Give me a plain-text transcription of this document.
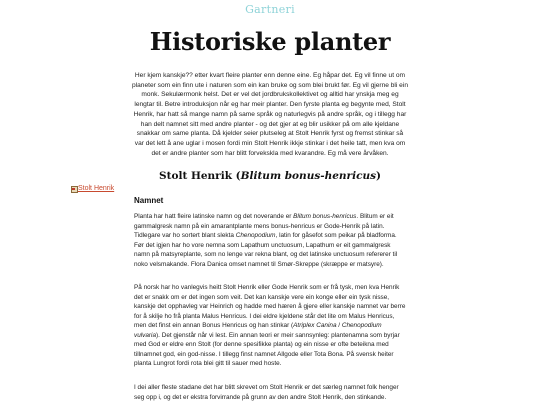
Gartneri
Historiske planter

Her kjem kanskje?? etter kvart fleire planter enn denne eine. Eg håpar det. Eg vil finne ut om planeter som ein finn ute i naturen som ein kan bruke og som blei brukt før. Eg vil gjerne bli ein monk. Sekulærmonk helst. Det er vel det jordbrukskollektivet og alltid har ynskja meg eg lengtar til. Betre introduksjon når eg har meir planter. Den fyrste planta eg begynte med, Stolt Henrik, har hatt så mange namn på same språk og naturlegvis på andre språk, og i tillegg har han delt namnet sitt med andre planter - og det gjer at eg blir usikker på om alle kjeldane snakkar om same planta. Då kjelder seier plutseleg at Stolt Henrik fyrst og fremst stinkar så var det lett å ane uglar i mosen fordi min Stolt Henrik ikkje stinkar i det heile tatt, men kva om det er andre planter som har blitt forvekskla med kvarandre. Eg må vere årvåken.

Stolt Henrik
Stolt Henrik (Blitum bonus-henricus)
Namnet

Planta har hatt fleire latinske namn og det noverande er Blitum bonus-henricus. Blitum er eit gammalgresk namn på ein amarantplante mens bonus-henricus er Gode-Henrik på latin. Tidlegare var ho sortert blant slekta Chenopodium, latin for gåsefot som peikar på bladforma. Før det igjen har ho vore nemna som Lapathum unctuosum, Lapathum er eit gammalgresk namn på matsyreplante, som no lenge var rekna blant, og det latinske unctuosum refererer til noko velsmakande. Flora Danica omset namnet til Smør-Skreppe (skræppe er matsyre).

På norsk har ho vanlegvis heitt Stolt Henrik eller Gode Henrik som er frå tysk, men kva Henrik det er snakk om er det ingen som veit. Det kan kanskje vere ein konge eller ein tysk nisse, kanskje det opphavleg var Heinrich og hadde med hæren å gjere eller kanskje namnet var berre for å skilje ho frå planta Malus Henricus. I dei eldre kjeldene står det lite om Malus Henricus, men det finst ein annan Bonus Henricus og han stinkar (Atriplex Canina / Chenopodium vulvaria). Det gjenstår når vi lest. Ein annan teori er meir sannsynleg: plantenamna som byrjar med God er eldre enn Stolt (for denne spesifikke planta) og ein nisse er ofte beteikna med tillnamnet god, ein god-nisse. I tillegg finst namnet Allgode eller Tota Bona. På svensk heiter planta Lungrot fordi rota blei gitt til sauer med hoste.

I dei aller fleste stadane det har blitt skrevet om Stolt Henrik er det særleg namnet folk henger seg opp i, og det er ekstra forvirrande på grunn av den andre Stolt Henrik, den stinkande.
